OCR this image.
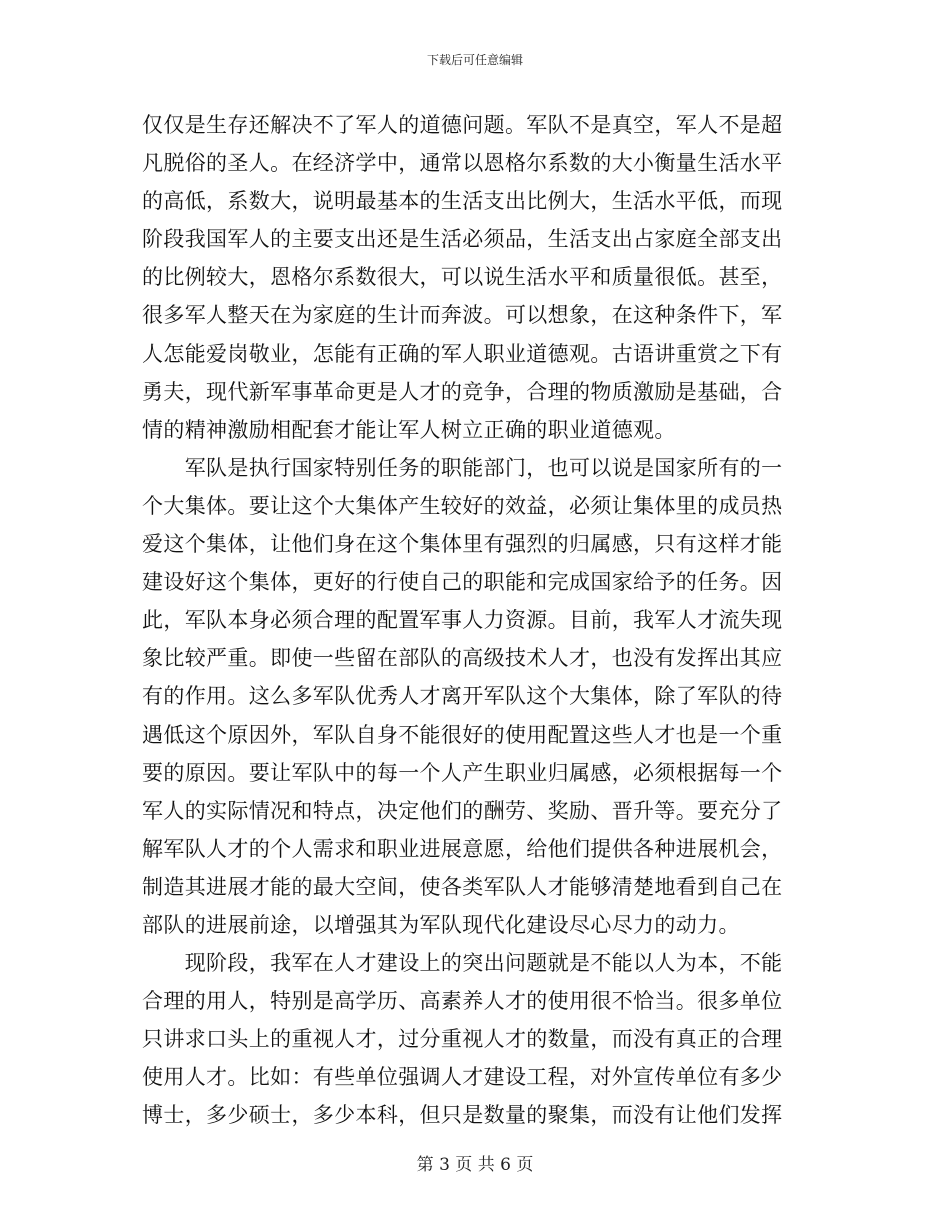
下载后可任意编辑
仅仅是生存还解决不了军人的道德问题。军队不是真空，军人不是超
凡脱俗的圣人。在经济学中，通常以恩格尔系数的大小衡量生活水平
的高低，系数大，说明最基本的生活支出比例大，生活水平低，而现
阶段我国军人的主要支出还是生活必须品，生活支出占家庭全部支出
的比例较大，恩格尔系数很大，可以说生活水平和质量很低。甚至，
很多军人整天在为家庭的生计而奔波。可以想象，在这种条件下，军
人怎能爱岗敬业，怎能有正确的军人职业道德观。古语讲重赏之下有
勇夫，现代新军事革命更是人才的竞争，合理的物质激励是基础，合
情的精神激励相配套才能让军人树立正确的职业道德观。
　　军队是执行国家特别任务的职能部门，也可以说是国家所有的一
个大集体。要让这个大集体产生较好的效益，必须让集体里的成员热
爱这个集体，让他们身在这个集体里有强烈的归属感，只有这样才能
建设好这个集体，更好的行使自己的职能和完成国家给予的任务。因
此，军队本身必须合理的配置军事人力资源。目前，我军人才流失现
象比较严重。即使一些留在部队的高级技术人才，也没有发挥出其应
有的作用。这么多军队优秀人才离开军队这个大集体，除了军队的待
遇低这个原因外，军队自身不能很好的使用配置这些人才也是一个重
要的原因。要让军队中的每一个人产生职业归属感，必须根据每一个
军人的实际情况和特点，决定他们的酬劳、奖励、晋升等。要充分了
解军队人才的个人需求和职业进展意愿，给他们提供各种进展机会，
制造其进展才能的最大空间，使各类军队人才能够清楚地看到自己在
部队的进展前途，以增强其为军队现代化建设尽心尽力的动力。
　　现阶段，我军在人才建设上的突出问题就是不能以人为本，不能
合理的用人，特别是高学历、高素养人才的使用很不恰当。很多单位
只讲求口头上的重视人才，过分重视人才的数量，而没有真正的合理
使用人才。比如：有些单位强调人才建设工程，对外宣传单位有多少
博士，多少硕士，多少本科，但只是数量的聚集，而没有让他们发挥
第 3 页 共 6 页
